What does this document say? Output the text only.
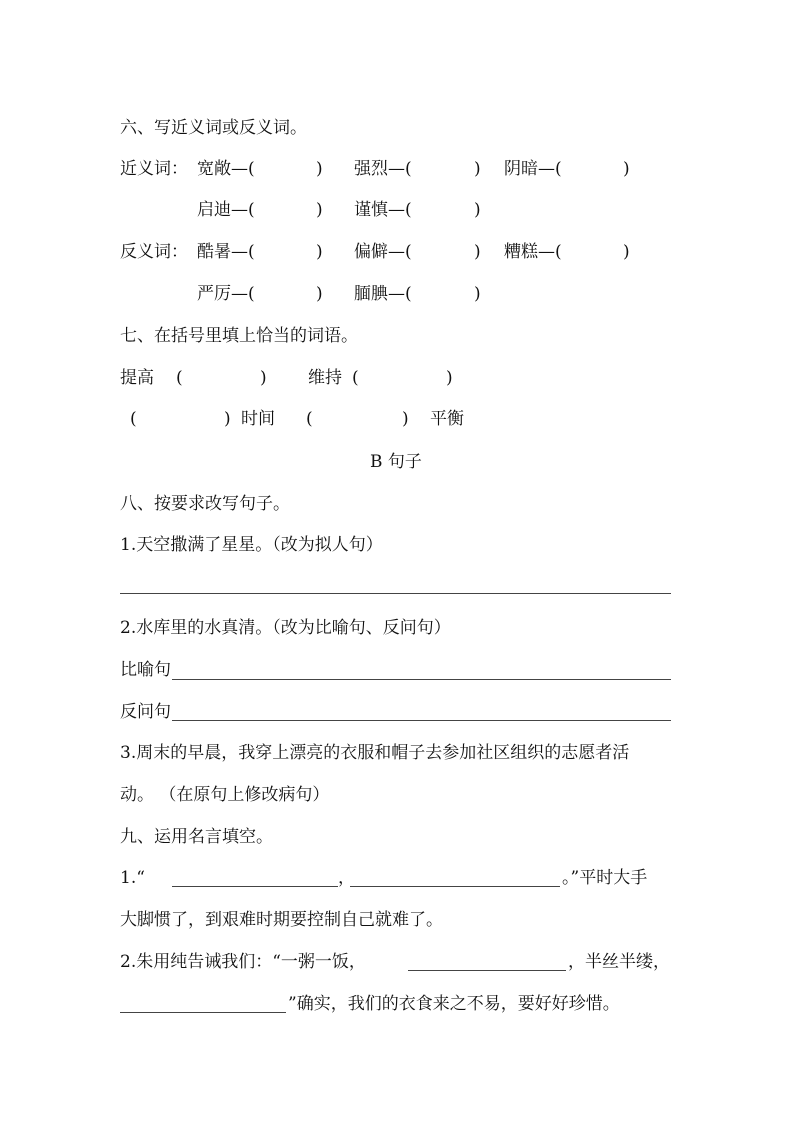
六、写近义词或反义词。
近义词： 宽敞—(	) 强烈—(	) 阴暗—(	)
启迪—(	) 谨慎—(	)
反义词： 酷暑—(	) 偏僻—(	) 糟糕—(	)
严厉—(	) 腼腆—(	)
七、在括号里填上恰当的词语。
提高 (	) 维持 (	)
(	) 时间 (	) 平衡
B 句子
八、按要求改写句子。
1.天空撒满了星星。（改为拟人句）
2.水库里的水真清。（改为比喻句、反问句）
比喻句
反问句
3.周末的早晨，我穿上漂亮的衣服和帽子去参加社区组织的志愿者活
动。 （在原句上修改病句）
九、运用名言填空。
1.“	，	。”平时大手
大脚惯了，到艰难时期要控制自己就难了。
2.朱用纯告诫我们：“一粥一饭，	，半丝半缕，
”确实，我们的衣食来之不易，要好好珍惜。
